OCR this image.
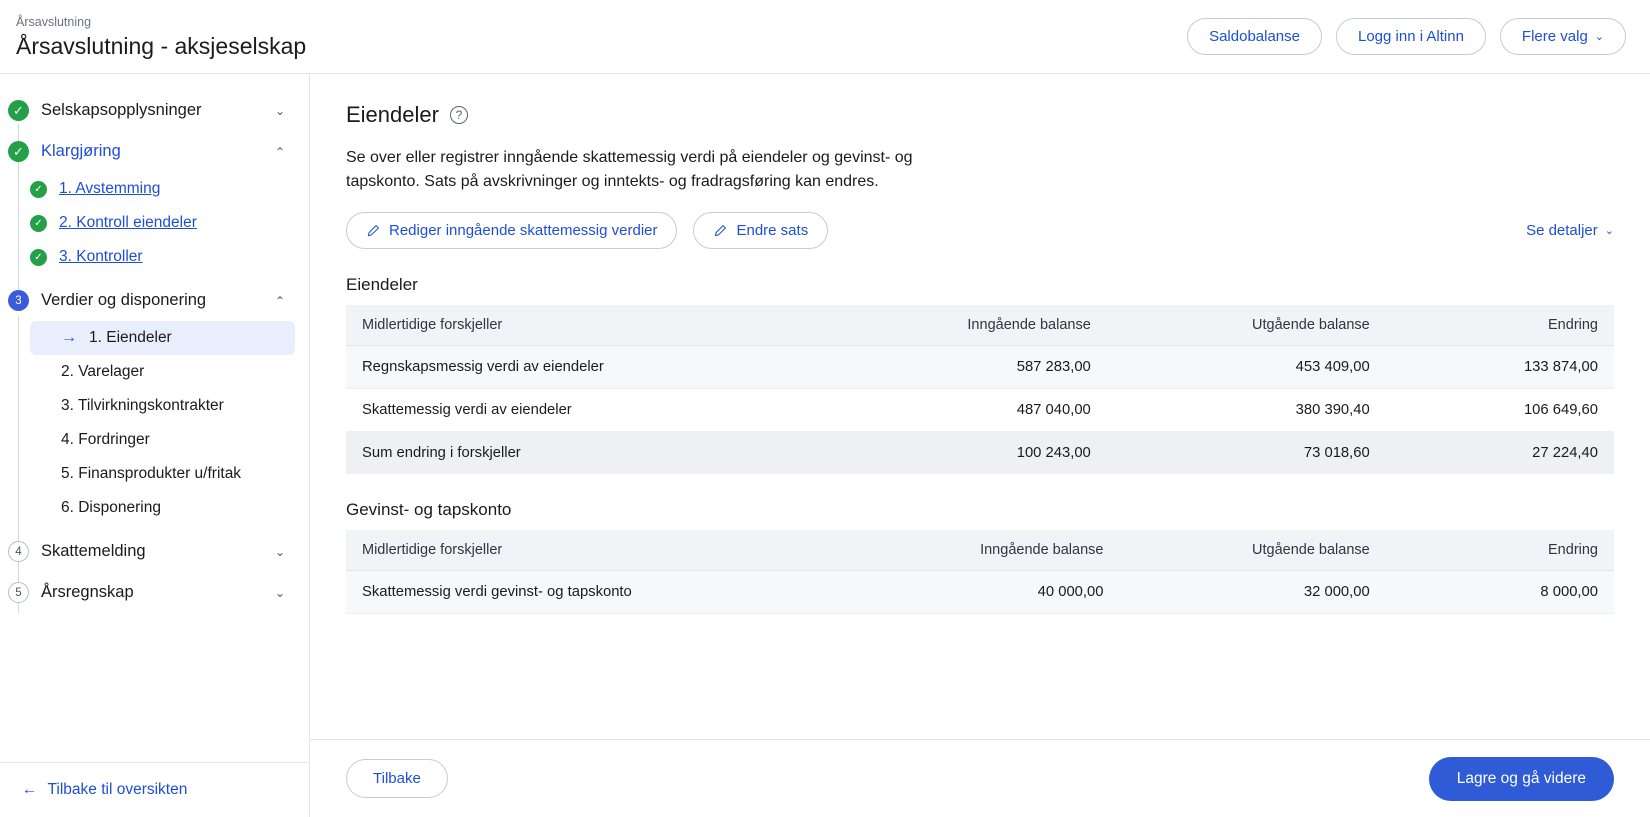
Årsavslutning
Årsavslutning - aksjeselskap	Saldobalanse	Logg inn i Altinn	Flere valg ⌄
✓
Selskapsopplysninger	⌄
✓
Klargjøring	⌃
✓
1. Avstemming
✓
2. Kontroll eiendeler
✓
3. Kontroller
3	Verdier og disponering	⌃
→ 1. Eiendeler
2. Varelager
3. Tilvirkningskontrakter
4. Fordringer
5. Finansprodukter u/fritak
6. Disponering
4	Skattemelding	⌄
5	Årsregnskap	⌄
← Tilbake til oversikten
Eiendeler	?
Se over eller registrer inngående skattemessig verdi på eiendeler og gevinst- og tapskonto. Sats på avskrivninger og inntekts- og fradragsføring kan endres.
Rediger inngående skattemessig verdier	Endre sats	Se detaljer ⌄
Eiendeler
Midlertidige forskjeller	Inngående balanse	Utgående balanse	Endring
Regnskapsmessig verdi av eiendeler	587 283,00	453 409,00	133 874,00
Skattemessig verdi av eiendeler	487 040,00	380 390,40	106 649,60
Sum endring i forskjeller	100 243,00	73 018,60	27 224,40
Gevinst- og tapskonto
Midlertidige forskjeller	Inngående balanse	Utgående balanse	Endring
Skattemessig verdi gevinst- og tapskonto	40 000,00	32 000,00	8 000,00
Tilbake	Lagre og gå videre
